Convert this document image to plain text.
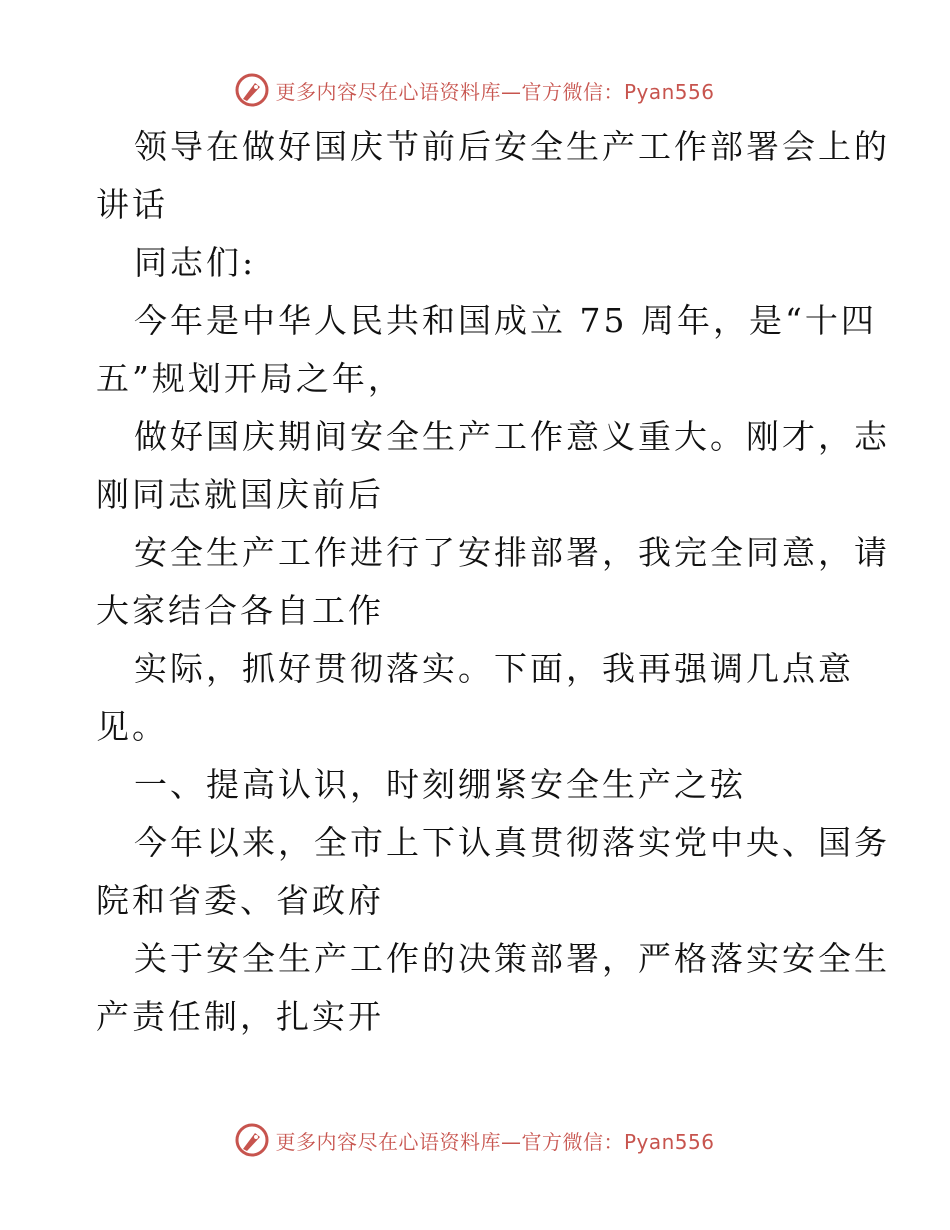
更多内容尽在心语资料库—官方微信：Pyan556
领导在做好国庆节前后安全生产工作部署会上的
讲话
同志们:
今年是中华人民共和国成立 75 周年，是“十四
五”规划开局之年，
做好国庆期间安全生产工作意义重大。刚才，志
刚同志就国庆前后
安全生产工作进行了安排部署，我完全同意，请
大家结合各自工作
实际，抓好贯彻落实。下面，我再强调几点意
见。
一、提高认识，时刻绷紧安全生产之弦
今年以来，全市上下认真贯彻落实党中央、国务
院和省委、省政府
关于安全生产工作的决策部署，严格落实安全生
产责任制，扎实开
更多内容尽在心语资料库—官方微信：Pyan556
